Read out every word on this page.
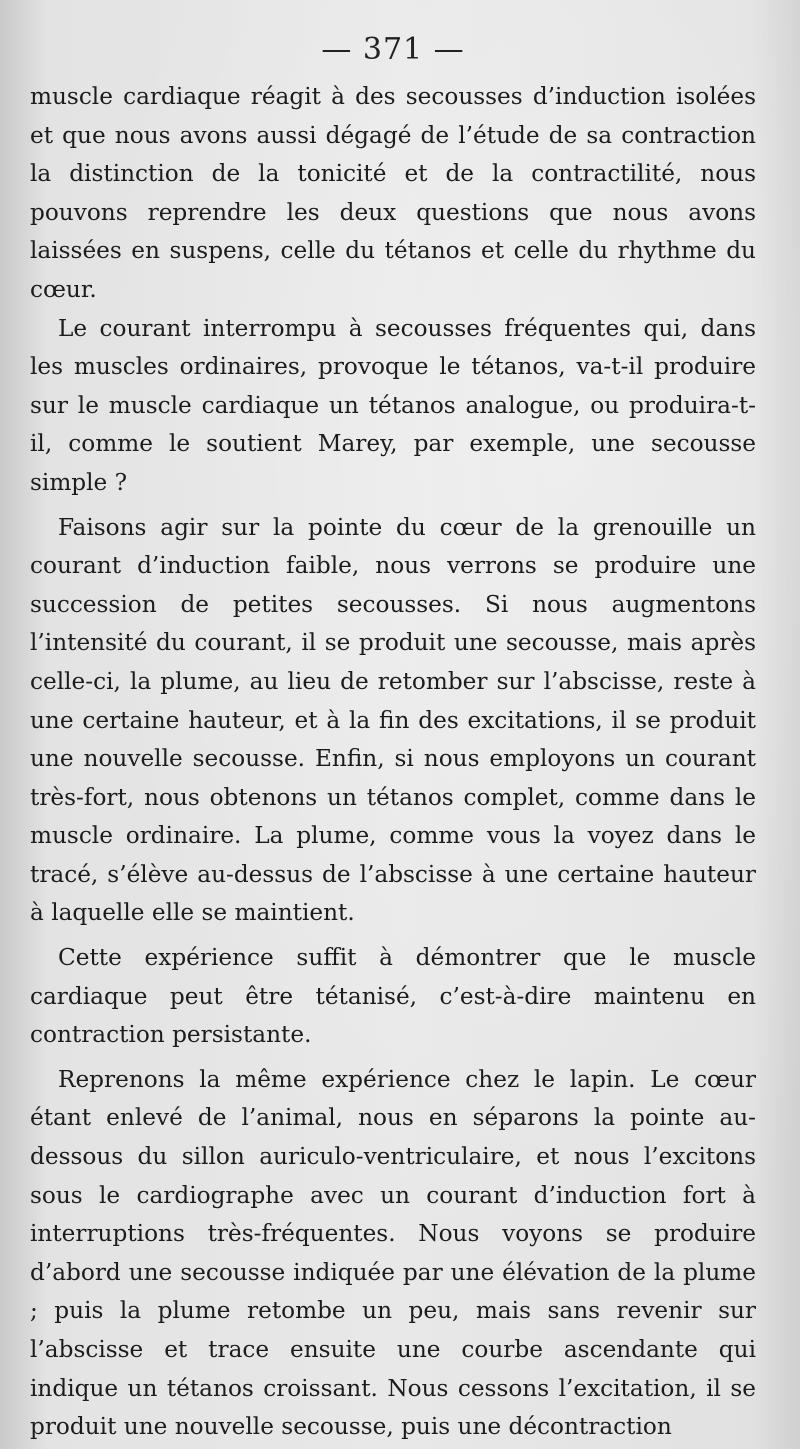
— 371 —

muscle cardiaque réagit à des secousses d’induction isolées et que nous avons aussi dégagé de l’étude de sa contraction la distinction de la tonicité et de la contractilité, nous pouvons reprendre les deux questions que nous avons laissées en suspens, celle du tétanos et celle du rhythme du cœur.

Le courant interrompu à secousses fréquentes qui, dans les muscles ordinaires, provoque le tétanos, va-t-il produire sur le muscle cardiaque un tétanos analogue, ou produira-t-il, comme le soutient Marey, par exemple, une secousse simple ?

Faisons agir sur la pointe du cœur de la grenouille un courant d’induction faible, nous verrons se produire une succession de petites secousses. Si nous augmentons l’intensité du courant, il se produit une secousse, mais après celle-ci, la plume, au lieu de retomber sur l’abscisse, reste à une certaine hauteur, et à la fin des excitations, il se produit une nouvelle secousse. Enfin, si nous employons un courant très-fort, nous obtenons un tétanos complet, comme dans le muscle ordinaire. La plume, comme vous la voyez dans le tracé, s’élève au-dessus de l’abscisse à une certaine hauteur à laquelle elle se maintient.

Cette expérience suffit à démontrer que le muscle cardiaque peut être tétanisé, c’est-à-dire maintenu en contraction persistante.

Reprenons la même expérience chez le lapin. Le cœur étant enlevé de l’animal, nous en séparons la pointe au-dessous du sillon auriculo-ventriculaire, et nous l’excitons sous le cardiographe avec un courant d’induction fort à interruptions très-fréquentes. Nous voyons se produire d’abord une secousse indiquée par une élévation de la plume ; puis la plume retombe un peu, mais sans revenir sur l’abscisse et trace ensuite une courbe ascendante qui indique un tétanos croissant. Nous cessons l’excitation, il se produit une nouvelle secousse, puis une décontraction
